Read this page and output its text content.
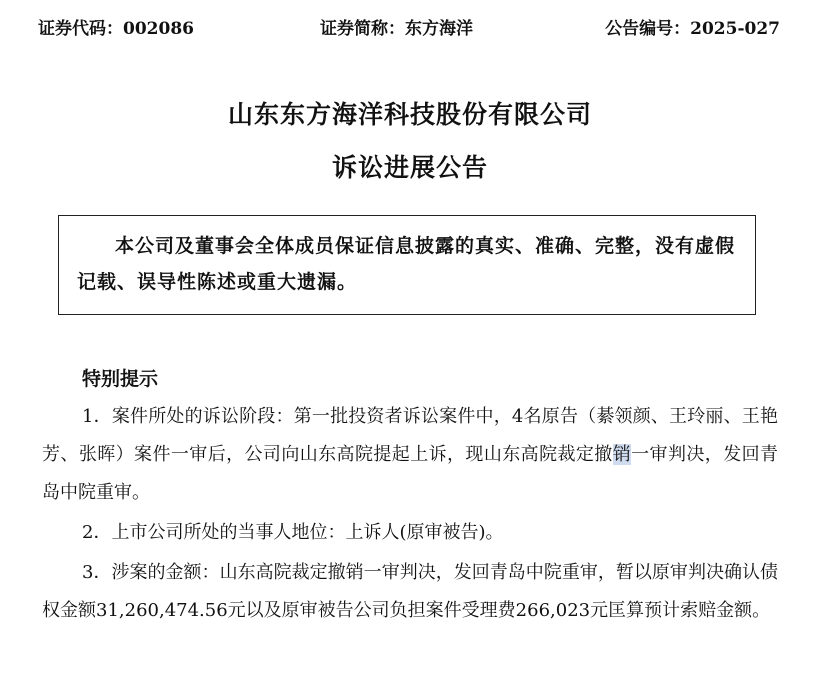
证券代码：002086	证券简称：东方海洋	公告编号：2025-027
山东东方海洋科技股份有限公司
诉讼进展公告
本公司及董事会全体成员保证信息披露的真实、准确、完整，没有虚假记载、误导性陈述或重大遗漏。
特别提示
1．案件所处的诉讼阶段：第一批投资者诉讼案件中，4名原告（綦领颜、王玲丽、王艳芳、张晖）案件一审后，公司向山东高院提起上诉，现山东高院裁定撤销一审判决，发回青岛中院重审。
2．上市公司所处的当事人地位：上诉人(原审被告)。
3．涉案的金额：山东高院裁定撤销一审判决，发回青岛中院重审，暂以原审判决确认债权金额31,260,474.56元以及原审被告公司负担案件受理费266,023元匡算预计索赔金额。
